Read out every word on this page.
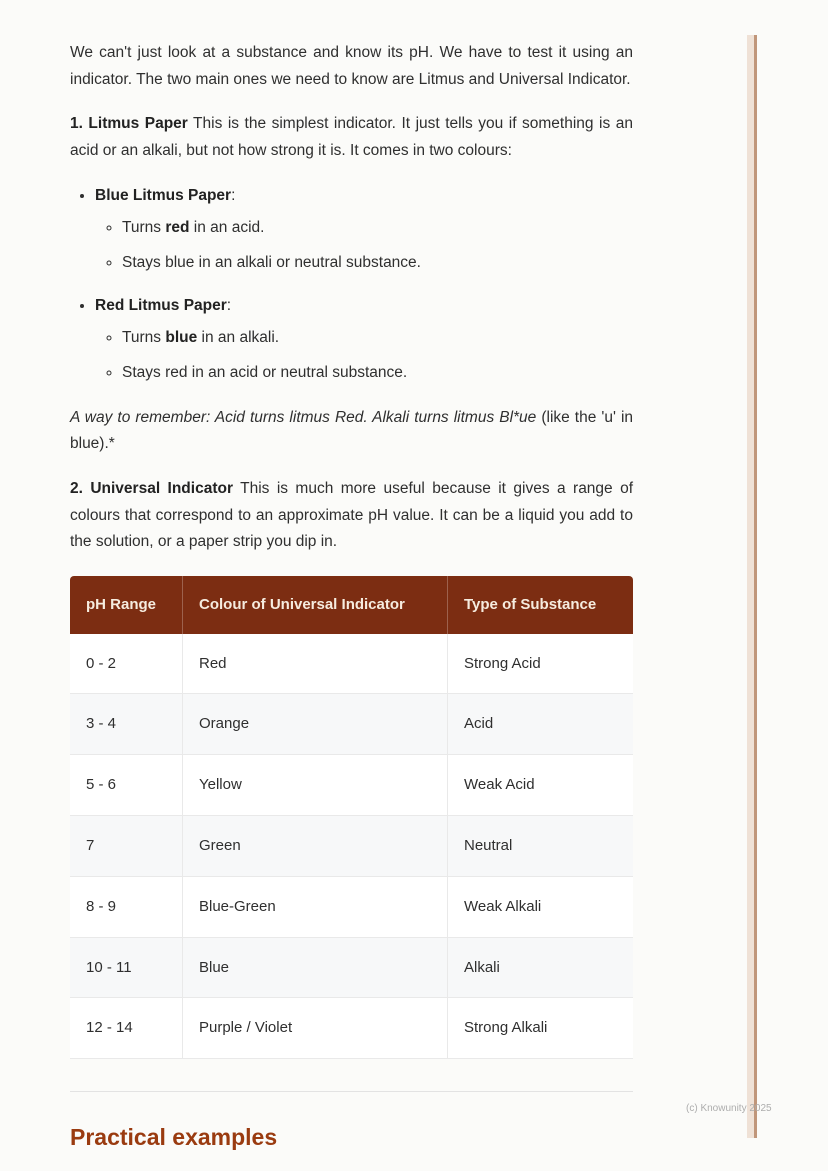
We can't just look at a substance and know its pH. We have to test it using an indicator. The two main ones we need to know are Litmus and Universal Indicator.

1. Litmus Paper This is the simplest indicator. It just tells you if something is an acid or an alkali, but not how strong it is. It comes in two colours:

• Blue Litmus Paper:
◦ Turns red in an acid.
◦ Stays blue in an alkali or neutral substance.
• Red Litmus Paper:
◦ Turns blue in an alkali.
◦ Stays red in an acid or neutral substance.

A way to remember: Acid turns litmus Red. Alkali turns litmus Bl*ue (like the 'u' in blue).*

2. Universal Indicator This is much more useful because it gives a range of colours that correspond to an approximate pH value. It can be a liquid you add to the solution, or a paper strip you dip in.

pH Range	Colour of Universal Indicator	Type of Substance
0 - 2	Red	Strong Acid
3 - 4	Orange	Acid
5 - 6	Yellow	Weak Acid
7	Green	Neutral
8 - 9	Blue-Green	Weak Alkali
10 - 11	Blue	Alkali
12 - 14	Purple / Violet	Strong Alkali
Practical examples
(c) Knowunity 2025
